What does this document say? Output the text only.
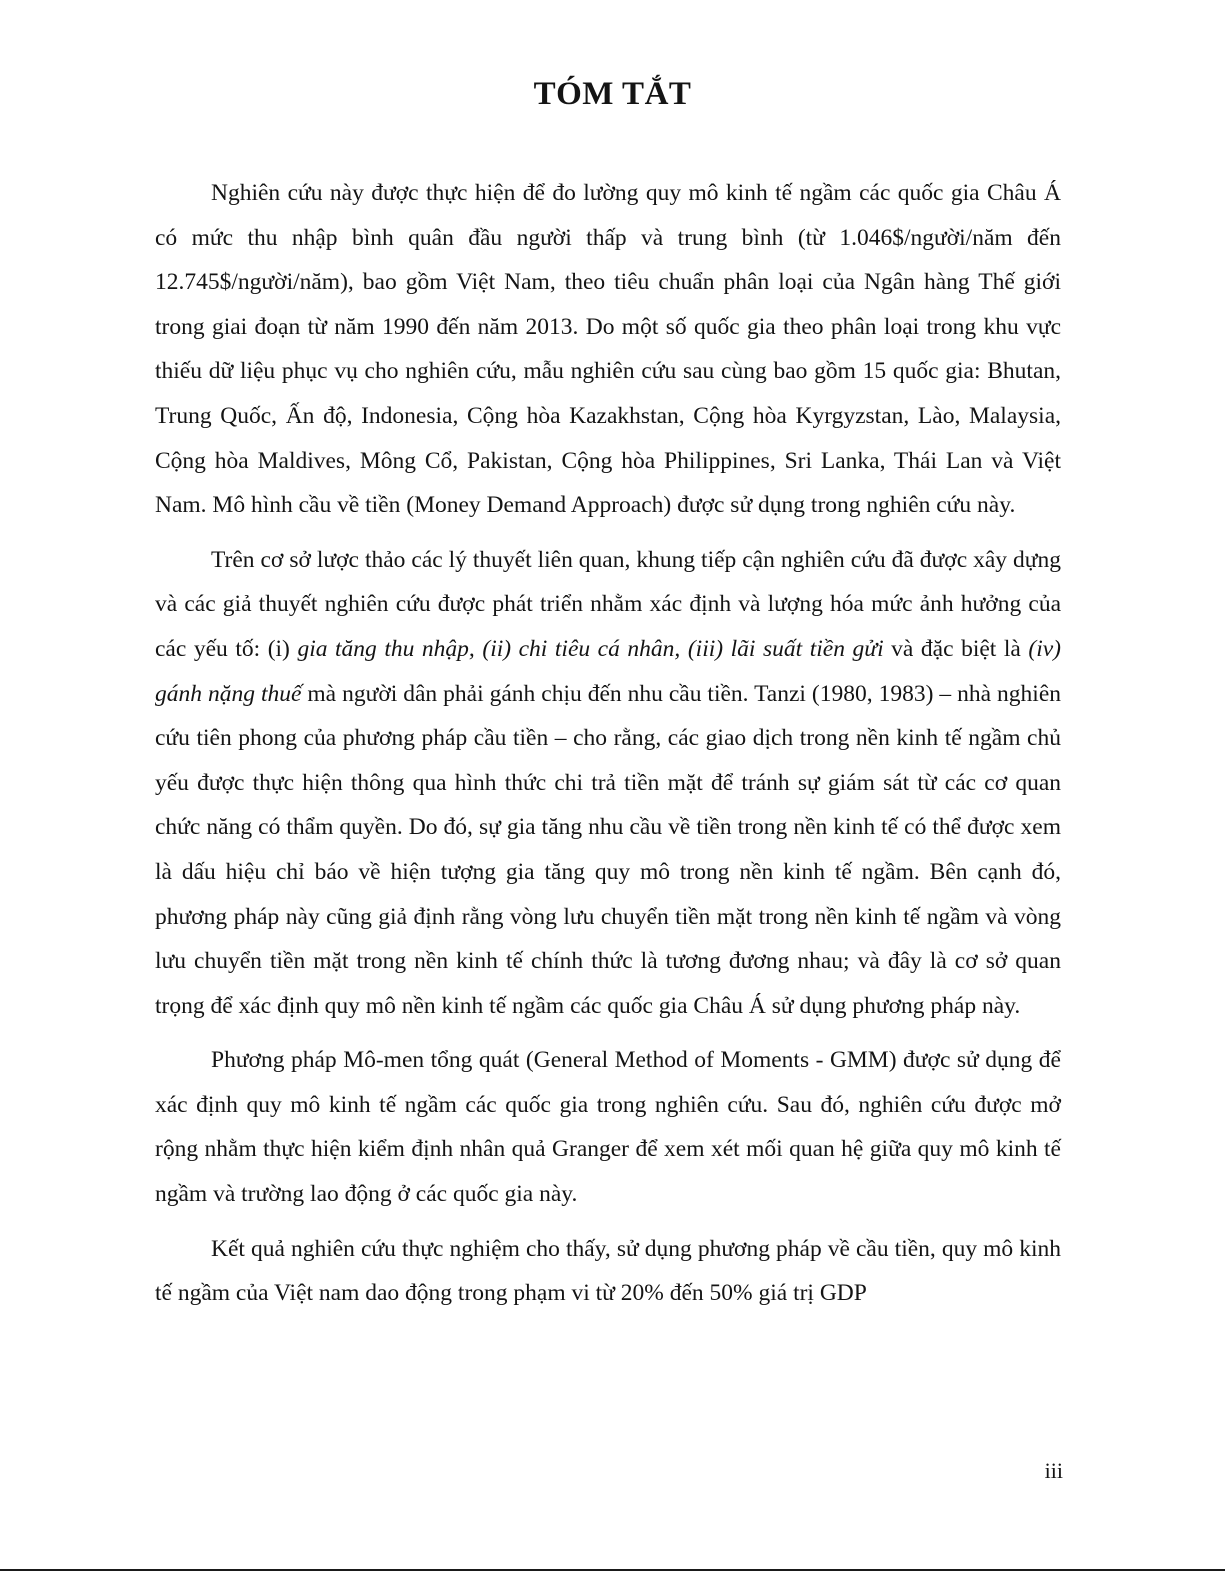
TÓM TẮT

Nghiên cứu này được thực hiện để đo lường quy mô kinh tế ngầm các quốc gia Châu Á có mức thu nhập bình quân đầu người thấp và trung bình (từ 1.046$/người/năm đến 12.745$/người/năm), bao gồm Việt Nam, theo tiêu chuẩn phân loại của Ngân hàng Thế giới trong giai đoạn từ năm 1990 đến năm 2013. Do một số quốc gia theo phân loại trong khu vực thiếu dữ liệu phục vụ cho nghiên cứu, mẫu nghiên cứu sau cùng bao gồm 15 quốc gia: Bhutan, Trung Quốc, Ấn độ, Indonesia, Cộng hòa Kazakhstan, Cộng hòa Kyrgyzstan, Lào, Malaysia, Cộng hòa Maldives, Mông Cổ, Pakistan, Cộng hòa Philippines, Sri Lanka, Thái Lan và Việt Nam. Mô hình cầu về tiền (Money Demand Approach) được sử dụng trong nghiên cứu này.

Trên cơ sở lược thảo các lý thuyết liên quan, khung tiếp cận nghiên cứu đã được xây dựng và các giả thuyết nghiên cứu được phát triển nhằm xác định và lượng hóa mức ảnh hưởng của các yếu tố: (i) gia tăng thu nhập, (ii) chi tiêu cá nhân, (iii) lãi suất tiền gửi và đặc biệt là (iv) gánh nặng thuế mà người dân phải gánh chịu đến nhu cầu tiền. Tanzi (1980, 1983) – nhà nghiên cứu tiên phong của phương pháp cầu tiền – cho rằng, các giao dịch trong nền kinh tế ngầm chủ yếu được thực hiện thông qua hình thức chi trả tiền mặt để tránh sự giám sát từ các cơ quan chức năng có thẩm quyền. Do đó, sự gia tăng nhu cầu về tiền trong nền kinh tế có thể được xem là dấu hiệu chỉ báo về hiện tượng gia tăng quy mô trong nền kinh tế ngầm. Bên cạnh đó, phương pháp này cũng giả định rằng vòng lưu chuyển tiền mặt trong nền kinh tế ngầm và vòng lưu chuyển tiền mặt trong nền kinh tế chính thức là tương đương nhau; và đây là cơ sở quan trọng để xác định quy mô nền kinh tế ngầm các quốc gia Châu Á sử dụng phương pháp này.

Phương pháp Mô-men tổng quát (General Method of Moments - GMM) được sử dụng để xác định quy mô kinh tế ngầm các quốc gia trong nghiên cứu. Sau đó, nghiên cứu được mở rộng nhằm thực hiện kiểm định nhân quả Granger để xem xét mối quan hệ giữa quy mô kinh tế ngầm và trường lao động ở các quốc gia này.

Kết quả nghiên cứu thực nghiệm cho thấy, sử dụng phương pháp về cầu tiền, quy mô kinh tế ngầm của Việt nam dao động trong phạm vi từ 20% đến 50% giá trị GDP

iii
